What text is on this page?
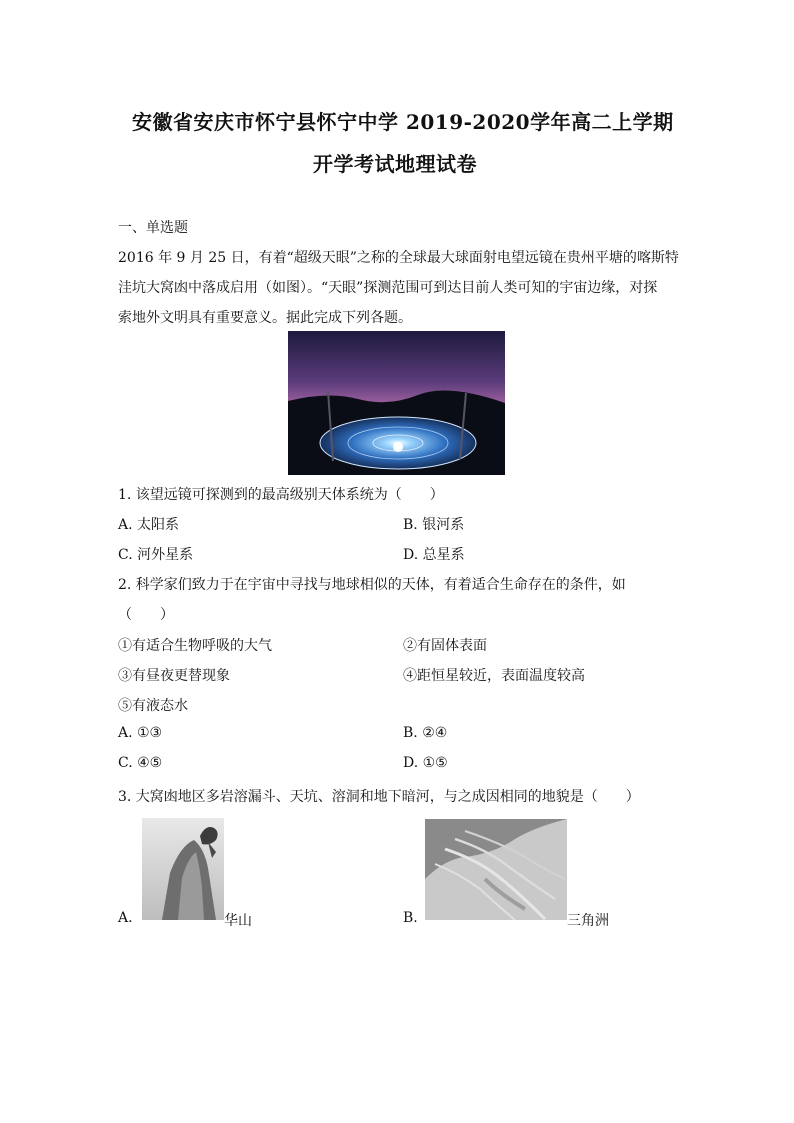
安徽省安庆市怀宁县怀宁中学 2019-2020学年高二上学期
开学考试地理试卷
一、单选题
2016 年 9 月 25 日，有着“超级天眼”之称的全球最大球面射电望远镜在贵州平塘的喀斯特
洼坑大窝凼中落成启用（如图）。“天眼”探测范围可到达目前人类可知的宇宙边缘，对探
索地外文明具有重要意义。据此完成下列各题。
1. 该望远镜可探测到的最高级别天体系统为（　　）
A. 太阳系	B. 银河系
C. 河外星系	D. 总星系
2. 科学家们致力于在宇宙中寻找与地球相似的天体，有着适合生命存在的条件，如
（　　）
①有适合生物呼吸的大气	②有固体表面
③有昼夜更替现象	④距恒星较近，表面温度较高
⑤有液态水
A. ①③	B. ②④
C. ④⑤	D. ①⑤
3. 大窝凼地区多岩溶漏斗、天坑、溶洞和地下暗河，与之成因相同的地貌是（　　）
A.	华山	B.	三角洲
